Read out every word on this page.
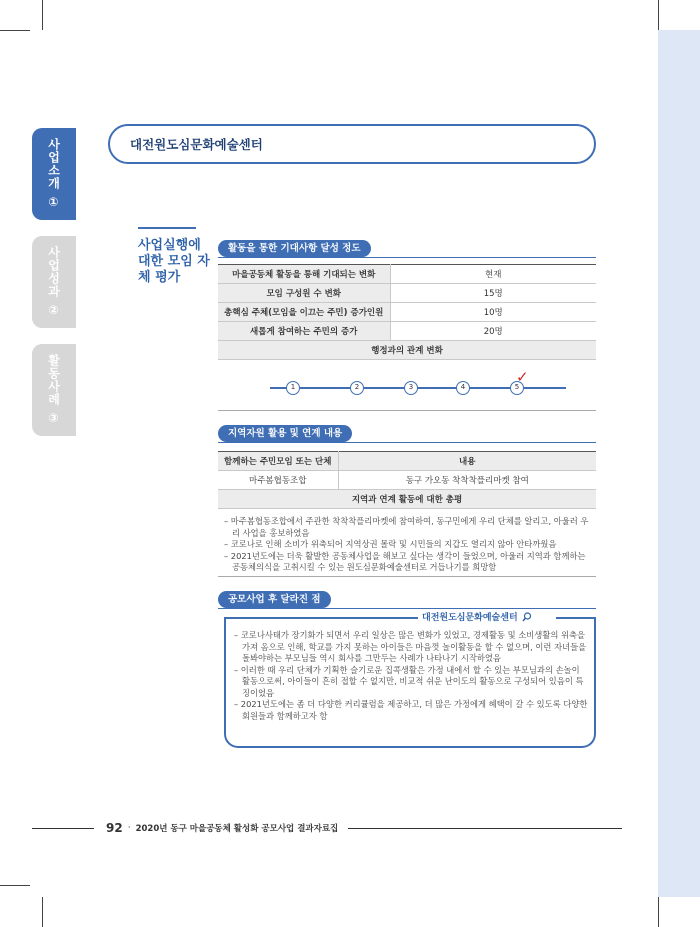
사업소개 ①
사업성과 ②
활동사례 ③
대전원도심문화예술센터
사업실행에 대한 모임 자체 평가
활동을 통한 기대사항 달성 정도
마을공동체 활동을 통해 기대되는 변화	현재
모임 구성원 수 변화	15명
총핵심 주체(모임을 이끄는 주민) 증가인원	10명
새롭게 참여하는 주민의 증가	20명
행정과의 관계 변화	
1	2	3	4	5
✓
지역자원 활용 및 연계 내용
함께하는 주민모임 또는 단체	내용
마주봄협동조합	동구 가오동 착착착플리마켓 참여
지역과 연계 활동에 대한 총평	
– 마주봄협동조합에서 주관한 착착착플리마켓에 참여하여, 동구민에게 우리 단체를 알리고, 아울러 우리 사업을 홍보하였음
– 코로나로 인해 소비가 위축되어 지역상권 몰락 및 시민들의 지갑도 열리지 않아 안타까웠음
– 2021년도에는 더욱 활발한 공동체사업을 해보고 싶다는 생각이 들었으며, 아울러 지역과 함께하는 공동체의식을 고취시킬 수 있는 원도심문화예술센터로 거듭나기를 희망함
공모사업 후 달라진 점
대전원도심문화예술센터
– 코로나사태가 장기화가 되면서 우리 일상은 많은 변화가 있었고, 경제활동 및 소비생활의 위축을 가져 옴으로 인해, 학교를 가지 못하는 아이들은 마음껏 놀이활동을 할 수 없으며, 이런 자녀들을 돌봐야하는 부모님들 역시 회사를 그만두는 사례가 나타나기 시작하였음
– 이러한 때 우리 단체가 기획한 슬기로운 집콕생활은 가정 내에서 할 수 있는 부모님과의 손놀이 활동으로써, 아이들이 흔히 접할 수 없지만, 비교적 쉬운 난이도의 활동으로 구성되어 있음이 특징이었음
– 2021년도에는 좀 더 다양한 커리큘럼을 제공하고, 더 많은 가정에게 혜택이 갈 수 있도록 다양한 회원들과 함께하고자 함
92 · 2020년 동구 마을공동체 활성화 공모사업 결과자료집
